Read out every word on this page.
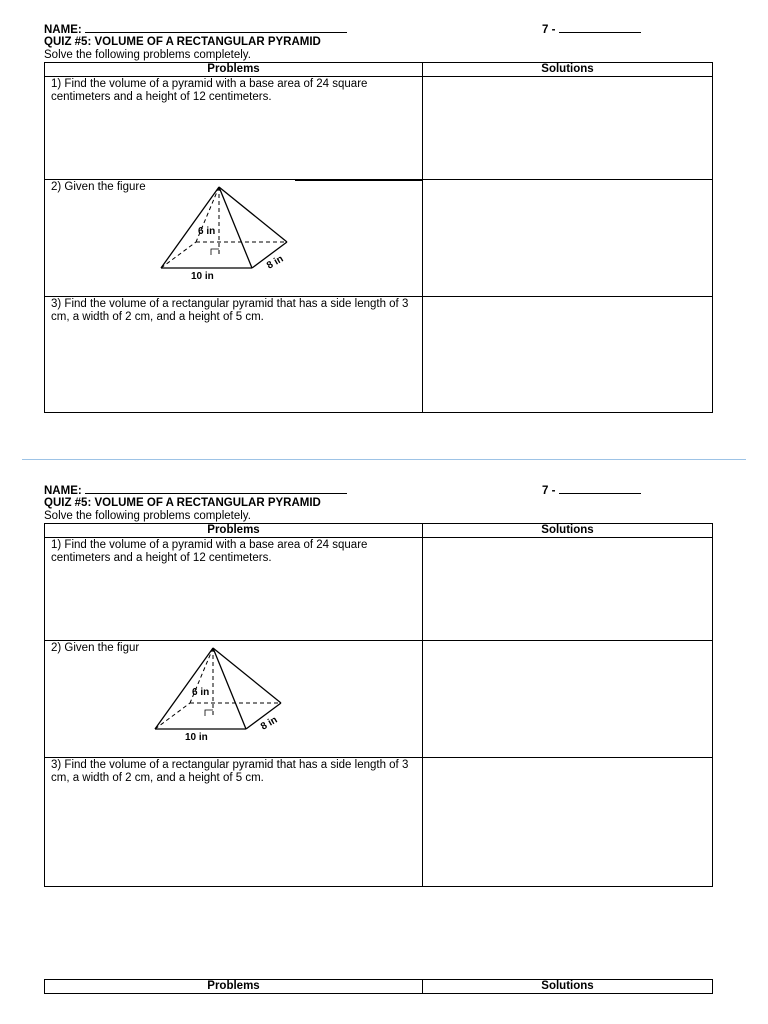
NAME:	7 -
QUIZ #5: VOLUME OF A RECTANGULAR PYRAMID
Solve the following problems completely.
Problems	Solutions

1) Find the volume of a pyramid with a base area of 24 square centimeters and a height of 12 centimeters.	

2) Given the figure
6 in
10 in
8 in	

3) Find the volume of a rectangular pyramid that has a side length of 3 cm, a width of 2 cm, and a height of 5 cm.	

NAME:	7 -
QUIZ #5: VOLUME OF A RECTANGULAR PYRAMID
Solve the following problems completely.
Problems	Solutions

1) Find the volume of a pyramid with a base area of 24 square centimeters and a height of 12 centimeters.	

2) Given the figur
6 in
10 in
8 in	

3) Find the volume of a rectangular pyramid that has a side length of 3 cm, a width of 2 cm, and a height of 5 cm.	

Problems	Solutions
